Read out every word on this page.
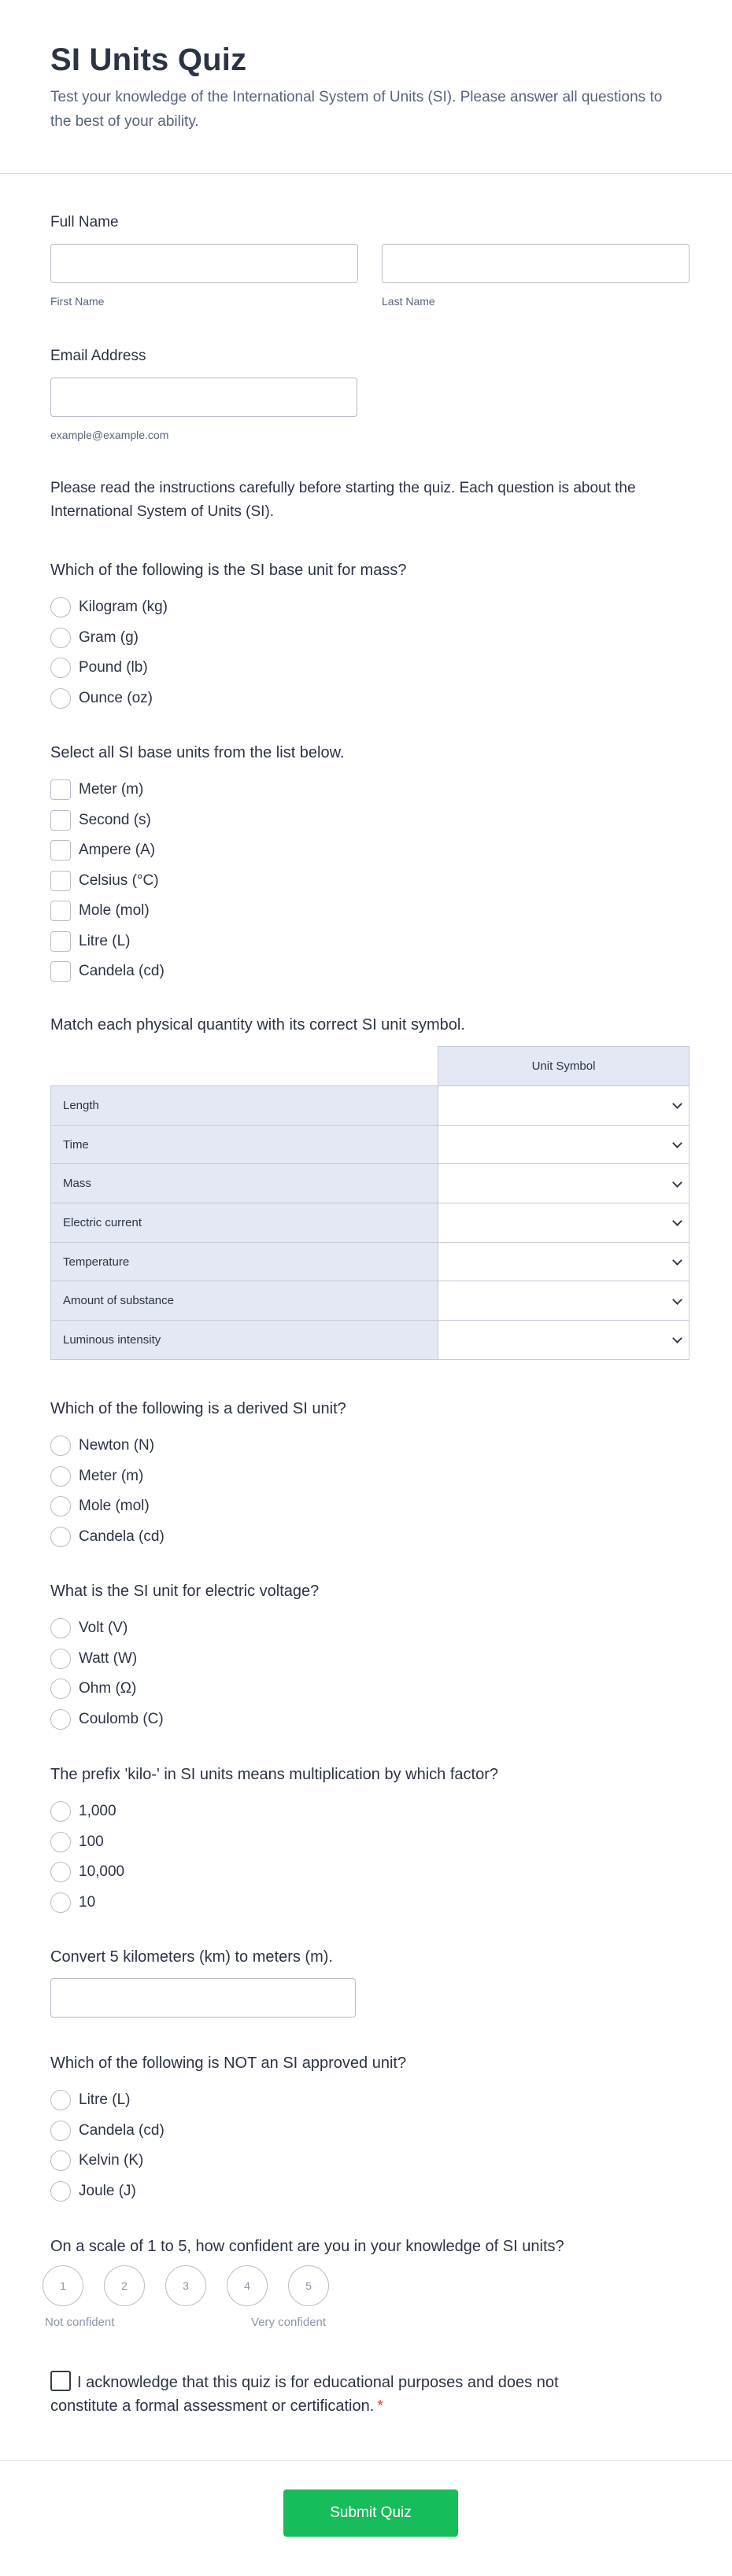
SI Units Quiz

Test your knowledge of the International System of Units (SI). Please answer all questions to the best of your ability.

Full Name
First Name	Last Name
Email Address
example@example.com
Please read the instructions carefully before starting the quiz. Each question is about the International System of Units (SI).
Which of the following is the SI base unit for mass?
Kilogram (kg)
Gram (g)
Pound (lb)
Ounce (oz)
Select all SI base units from the list below.
Meter (m)
Second (s)
Ampere (A)
Celsius (°C)
Mole (mol)
Litre (L)
Candela (cd)
Match each physical quantity with its correct SI unit symbol.
	Unit Symbol
Length	

Time	

Mass	

Electric current	

Temperature	

Amount of substance	

Luminous intensity	
Which of the following is a derived SI unit?
Newton (N)
Meter (m)
Mole (mol)
Candela (cd)
What is the SI unit for electric voltage?
Volt (V)
Watt (W)
Ohm (Ω)
Coulomb (C)
The prefix 'kilo-' in SI units means multiplication by which factor?
1,000
100
10,000
10
Convert 5 kilometers (km) to meters (m).
Which of the following is NOT an SI approved unit?
Litre (L)
Candela (cd)
Kelvin (K)
Joule (J)
On a scale of 1 to 5, how confident are you in your knowledge of SI units?
1	2	3	4	5
Not confident	Very confident
I acknowledge that this quiz is for educational purposes and does not constitute a formal assessment or certification. *
Submit Quiz
